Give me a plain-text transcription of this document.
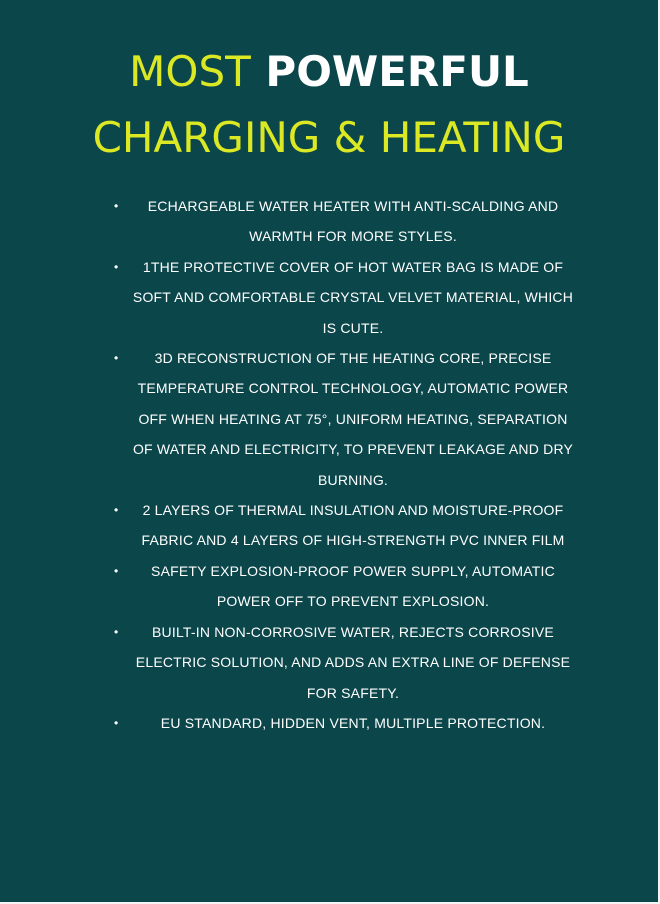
MOST POWERFUL
CHARGING & HEATING
• ECHARGEABLE WATER HEATER WITH ANTI-SCALDING AND WARMTH FOR MORE STYLES.
• 1THE PROTECTIVE COVER OF HOT WATER BAG IS MADE OF SOFT AND COMFORTABLE CRYSTAL VELVET MATERIAL, WHICH IS CUTE.
•	3D RECONSTRUCTION OF THE HEATING CORE, PRECISE TEMPERATURE CONTROL TECHNOLOGY, AUTOMATIC POWER OFF WHEN HEATING AT 75°, UNIFORM HEATING, SEPARATION OF WATER AND ELECTRICITY, TO PREVENT LEAKAGE AND DRY BURNING.
• 2 LAYERS OF THERMAL INSULATION AND MOISTURE-PROOF FABRIC AND 4 LAYERS OF HIGH-STRENGTH PVC INNER FILM
• SAFETY EXPLOSION-PROOF POWER SUPPLY, AUTOMATIC POWER OFF TO PREVENT EXPLOSION.
• BUILT-IN NON-CORROSIVE WATER, REJECTS CORROSIVE ELECTRIC SOLUTION, AND ADDS AN EXTRA LINE OF DEFENSE FOR SAFETY.
•	EU STANDARD, HIDDEN VENT, MULTIPLE PROTECTION.
